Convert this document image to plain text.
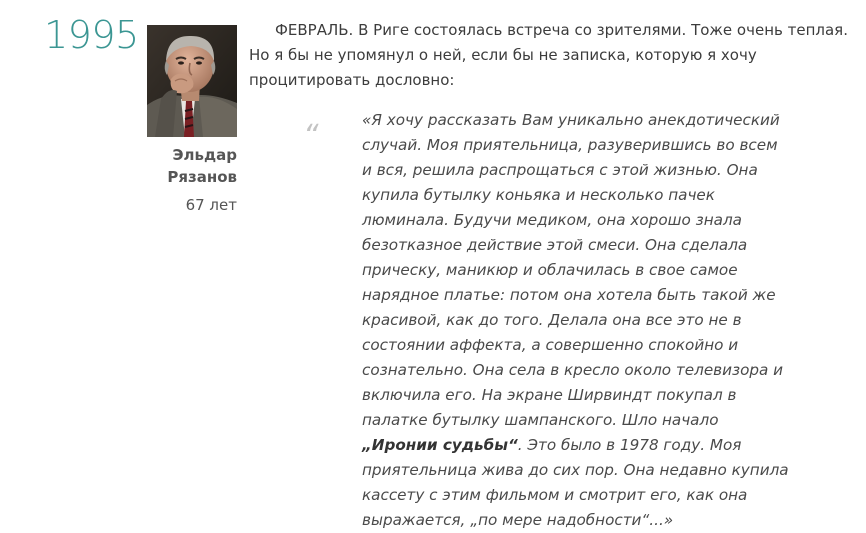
1995
Эльдар
Рязанов
67 лет

ФЕВРАЛЬ. В Риге состоялась встреча со зрителями. Тоже очень теплая. Но я бы не упомянул о ней, если бы не записка, которую я хочу процитировать дословно:

“	«Я хочу рассказать Вам уникально анекдотический случай. Моя приятельница, разуверившись во всем и вся, решила распрощаться с этой жизнью. Она купила бутылку коньяка и несколько пачек люминала. Будучи медиком, она хорошо знала безотказное действие этой смеси. Она сделала прическу, маникюр и облачилась в свое самое нарядное платье: потом она хотела быть такой же красивой, как до того. Делала она все это не в состоянии аффекта, а совершенно спокойно и сознательно. Она села в кресло около телевизора и включила его. На экране Ширвиндт покупал в палатке бутылку шампанского. Шло начало „Иронии судьбы“. Это было в 1978 году. Моя приятельница жива до сих пор. Она недавно купила кассету с этим фильмом и смотрит его, как она выражается, „по мере надобности“...»
